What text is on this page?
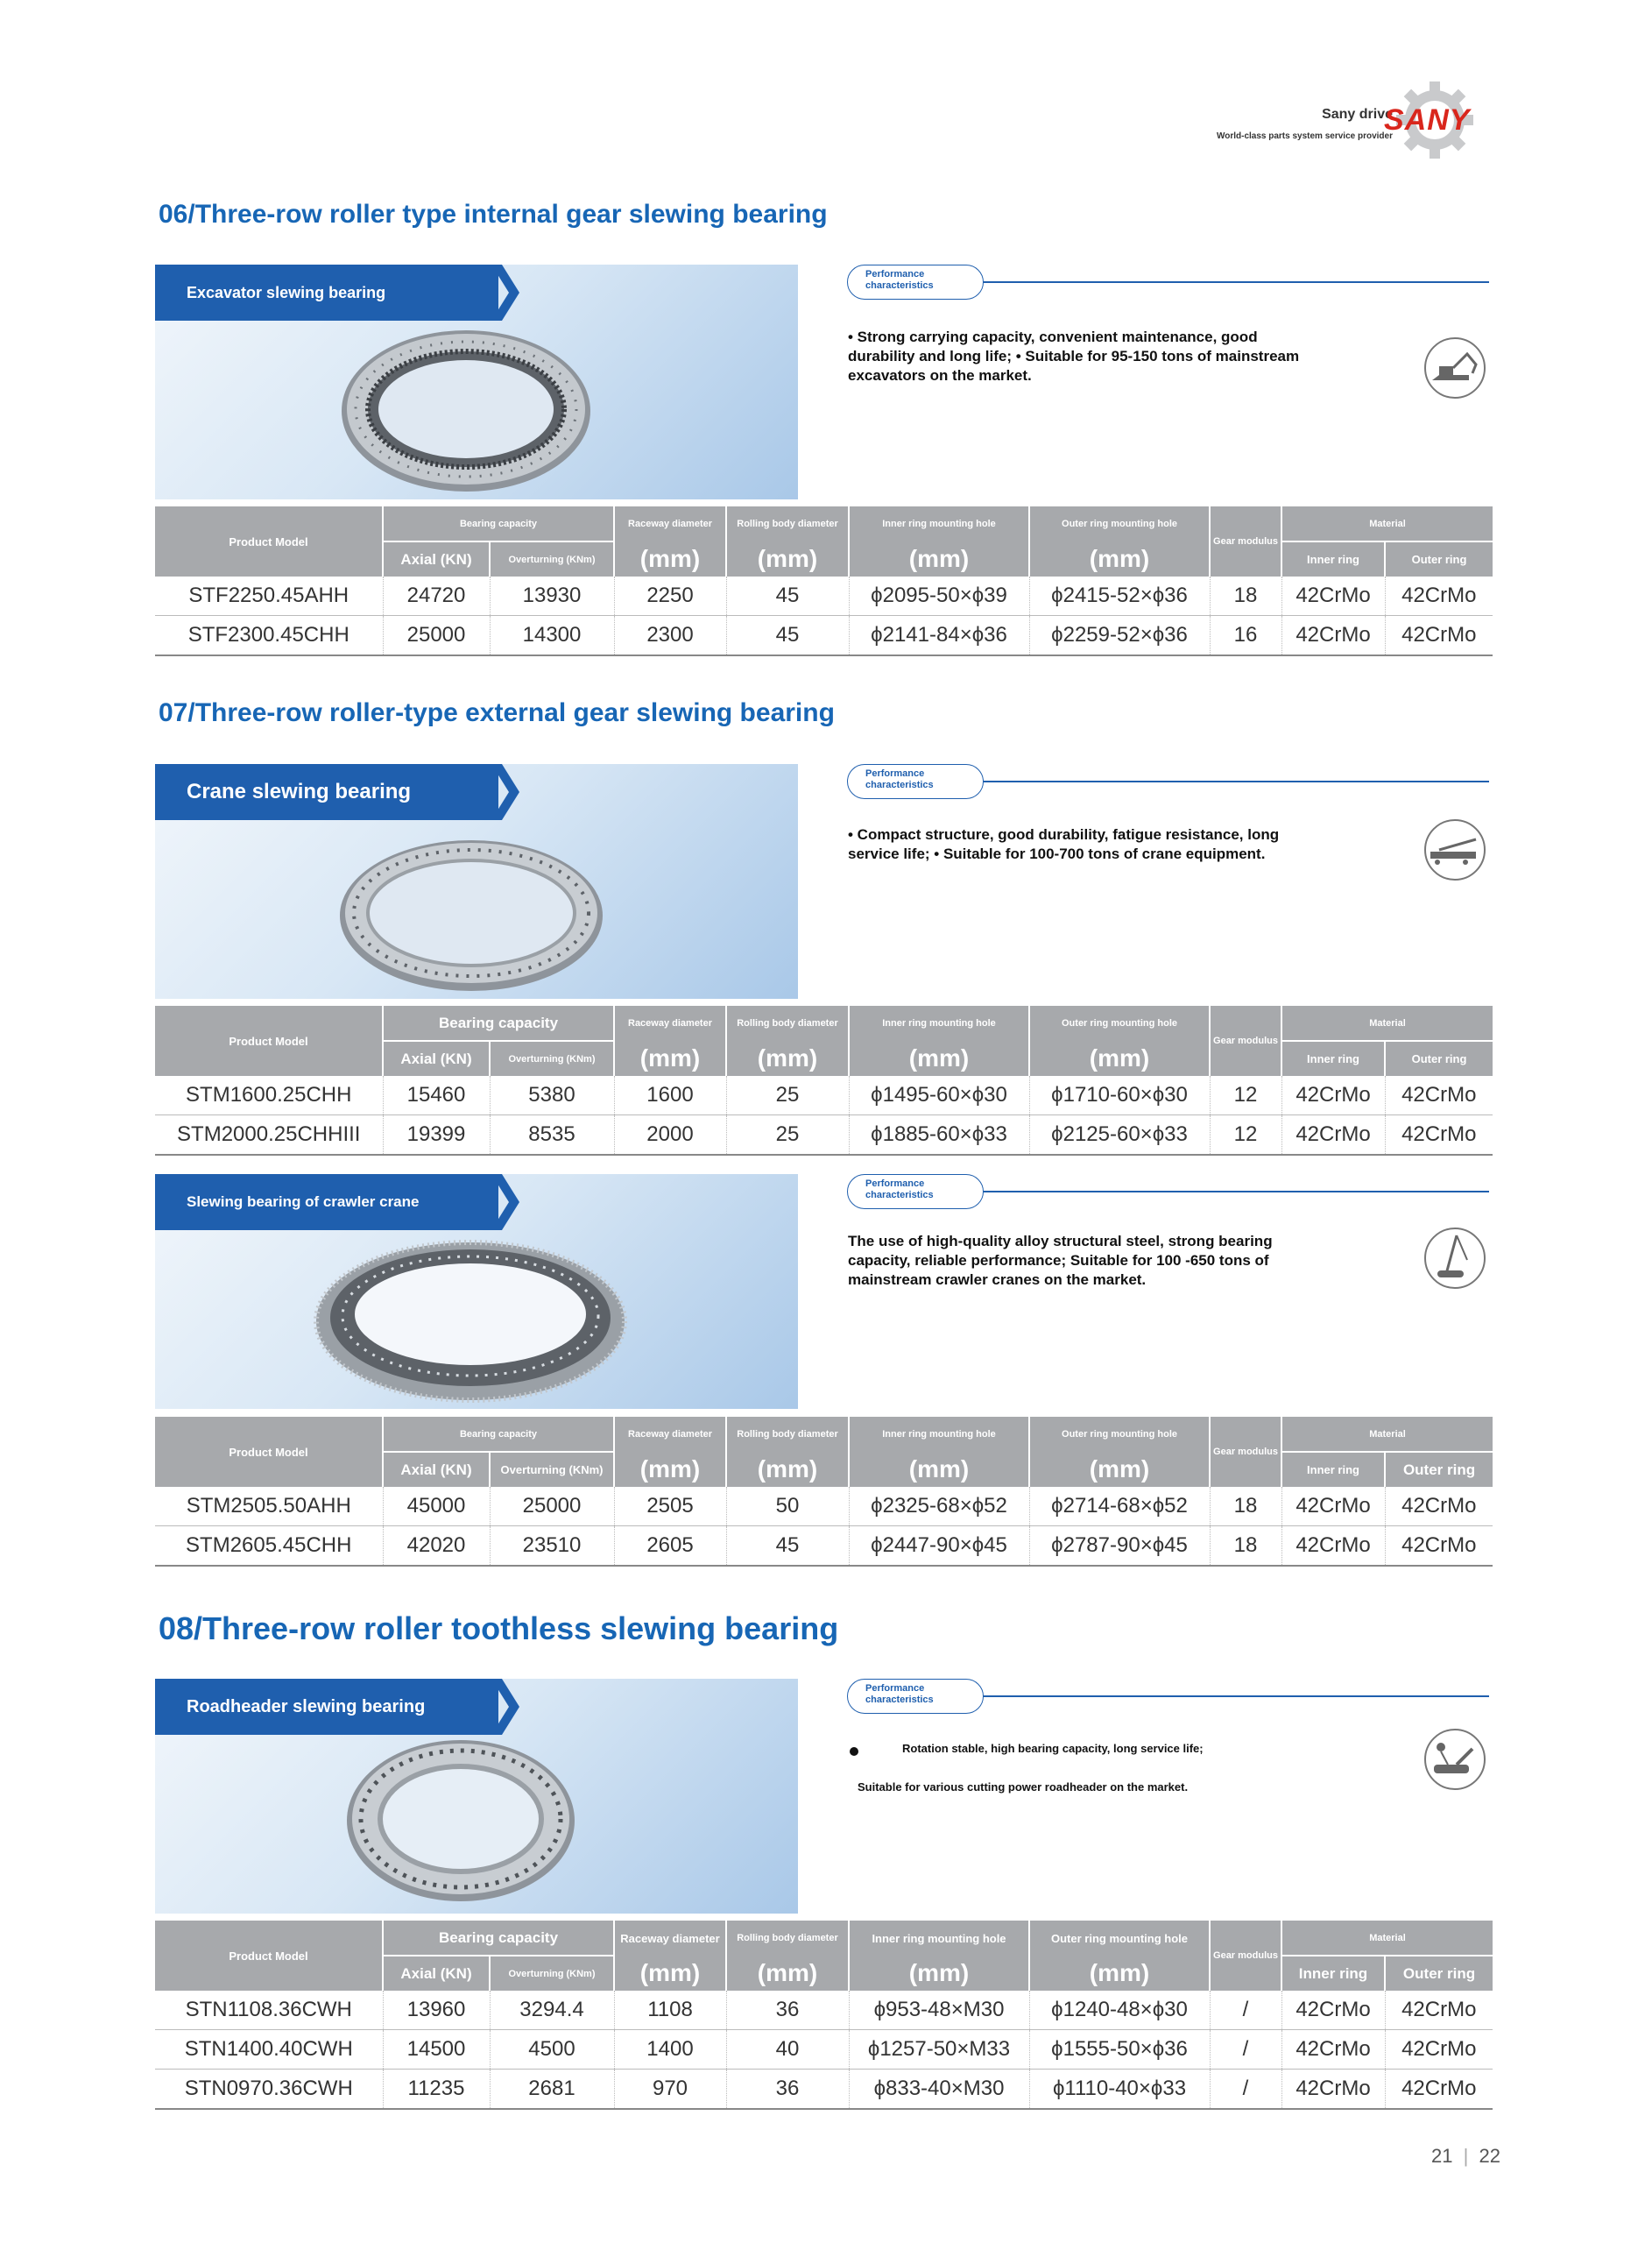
Sany drive
World-class parts system service provider
SANY
06/Three-row roller type internal gear slewing bearing
Excavator slewing bearing
Performance characteristics
• Strong carrying capacity, convenient maintenance, good durability and long life; • Suitable for 95-150 tons of mainstream excavators on the market.
Product Model	Bearing capacity		Raceway diameter	Rolling body diameter	Inner ring mounting hole	Outer ring mounting hole	Gear modulus	Material	
	Axial (KN)	Overturning (KNm)	(mm)	(mm)	(mm)	(mm)		Inner ring	Outer ring
STF2250.45AHH	24720	13930	2250	45	ϕ2095-50×ϕ39	ϕ2415-52×ϕ36	18	42CrMo	42CrMo
STF2300.45CHH	25000	14300	2300	45	ϕ2141-84×ϕ36	ϕ2259-52×ϕ36	16	42CrMo	42CrMo
07/Three-row roller-type external gear slewing bearing
Crane slewing bearing
Performance characteristics
• Compact structure, good durability, fatigue resistance, long service life; • Suitable for 100-700 tons of crane equipment.
Product Model	Bearing capacity		Raceway diameter	Rolling body diameter	Inner ring mounting hole	Outer ring mounting hole	Gear modulus	Material	
	Axial (KN)	Overturning (KNm)	(mm)	(mm)	(mm)	(mm)		Inner ring	Outer ring
STM1600.25CHH	15460	5380	1600	25	ϕ1495-60×ϕ30	ϕ1710-60×ϕ30	12	42CrMo	42CrMo
STM2000.25CHHIII	19399	8535	2000	25	ϕ1885-60×ϕ33	ϕ2125-60×ϕ33	12	42CrMo	42CrMo
Slewing bearing of crawler crane
Performance characteristics
The use of high-quality alloy structural steel, strong bearing capacity, reliable performance; Suitable for 100 -650 tons of mainstream crawler cranes on the market.
Product Model	Bearing capacity		Raceway diameter	Rolling body diameter	Inner ring mounting hole	Outer ring mounting hole	Gear modulus	Material	
	Axial (KN)	Overturning (KNm)	(mm)	(mm)	(mm)	(mm)		Inner ring	Outer ring
STM2505.50AHH	45000	25000	2505	50	ϕ2325-68×ϕ52	ϕ2714-68×ϕ52	18	42CrMo	42CrMo
STM2605.45CHH	42020	23510	2605	45	ϕ2447-90×ϕ45	ϕ2787-90×ϕ45	18	42CrMo	42CrMo
08/Three-row roller toothless slewing bearing
Roadheader slewing bearing
Performance characteristics
Rotation stable, high bearing capacity, long service life;
Suitable for various cutting power roadheader on the market.
Product Model	Bearing capacity		Raceway diameter	Rolling body diameter	Inner ring mounting hole	Outer ring mounting hole	Gear modulus	Material	
	Axial (KN)	Overturning (KNm)	(mm)	(mm)	(mm)	(mm)		Inner ring	Outer ring
STN1108.36CWH	13960	3294.4	1108	36	ϕ953-48×M30	ϕ1240-48×ϕ30	/	42CrMo	42CrMo
STN1400.40CWH	14500	4500	1400	40	ϕ1257-50×M33	ϕ1555-50×ϕ36	/	42CrMo	42CrMo
STN0970.36CWH	11235	2681	970	36	ϕ833-40×M30	ϕ1110-40×ϕ33	/	42CrMo	42CrMo
21 | 22
